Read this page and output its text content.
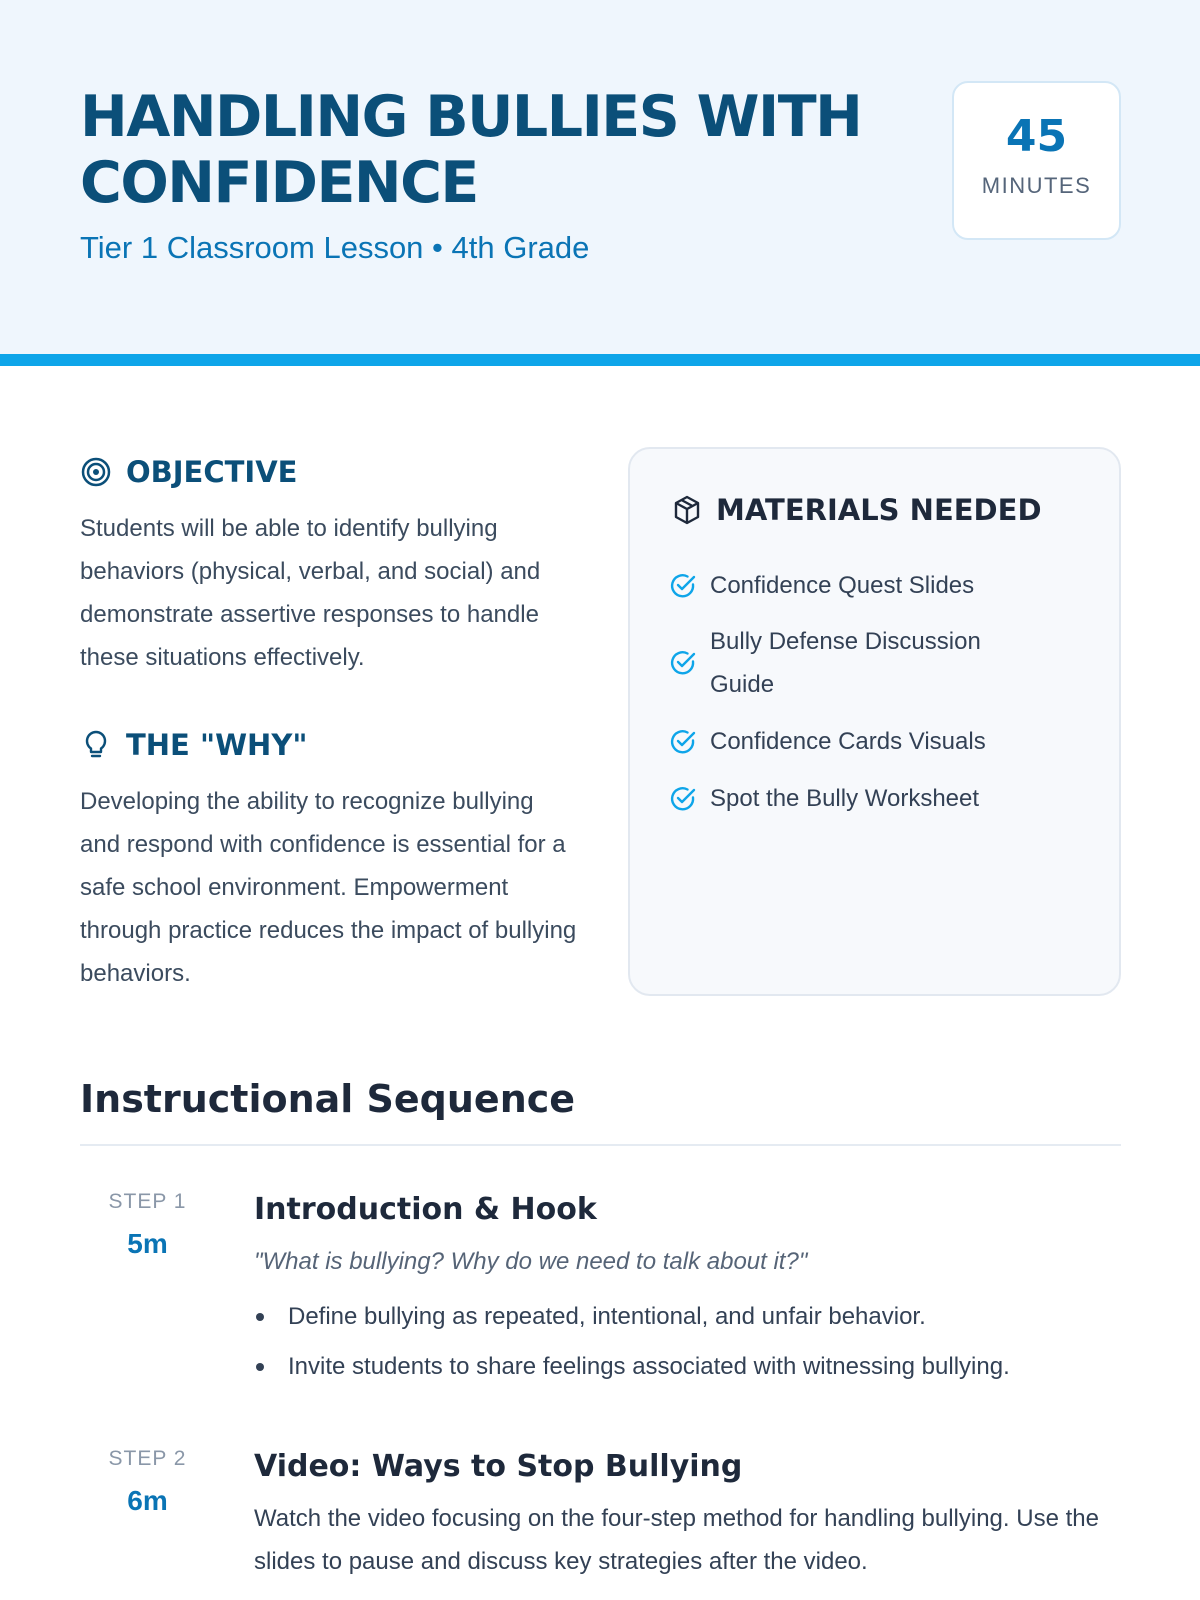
HANDLING BULLIES WITH CONFIDENCE
Tier 1 Classroom Lesson • 4th Grade
45
MINUTES
OBJECTIVE

Students will be able to identify bullying behaviors (physical, verbal, and social) and demonstrate assertive responses to handle these situations effectively.

THE "WHY"

Developing the ability to recognize bullying and respond with confidence is essential for a safe school environment. Empowerment through practice reduces the impact of bullying behaviors.

MATERIALS NEEDED
Confidence Quest Slides
Bully Defense Discussion Guide
Confidence Cards Visuals
Spot the Bully Worksheet
Instructional Sequence
STEP 1
5m
Introduction & Hook
"What is bullying? Why do we need to talk about it?"
Define bullying as repeated, intentional, and unfair behavior.
Invite students to share feelings associated with witnessing bullying.
STEP 2
6m
Video: Ways to Stop Bullying

Watch the video focusing on the four-step method for handling bullying. Use the slides to pause and discuss key strategies after the video.
